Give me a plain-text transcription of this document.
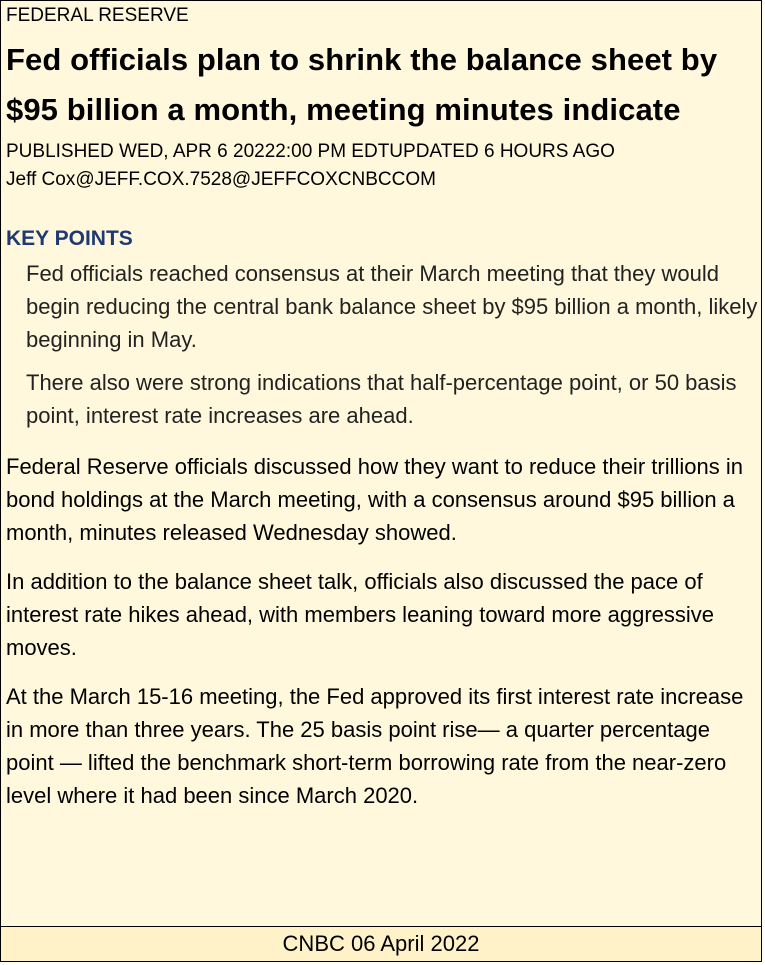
FEDERAL RESERVE

Fed officials plan to shrink the balance sheet by $95 billion a month, meeting minutes indicate

PUBLISHED WED, APR 6 20222:00 PM EDTUPDATED 6 HOURS AGO

Jeff Cox@JEFF.COX.7528@JEFFCOXCNBCCOM

KEY POINTS
Fed officials reached consensus at their March meeting that they would begin reducing the central bank balance sheet by $95 billion a month, likely beginning in May.
There also were strong indications that half-percentage point, or 50 basis point, interest rate increases are ahead.

Federal Reserve officials discussed how they want to reduce their trillions in bond holdings at the March meeting, with a consensus around $95 billion a month, minutes released Wednesday showed.

In addition to the balance sheet talk, officials also discussed the pace of interest rate hikes ahead, with members leaning toward more aggressive moves.

At the March 15-16 meeting, the Fed approved its first interest rate increase in more than three years. The 25 basis point rise— a quarter percentage point — lifted the benchmark short-term borrowing rate from the near-zero level where it had been since March 2020.

CNBC 06 April 2022
